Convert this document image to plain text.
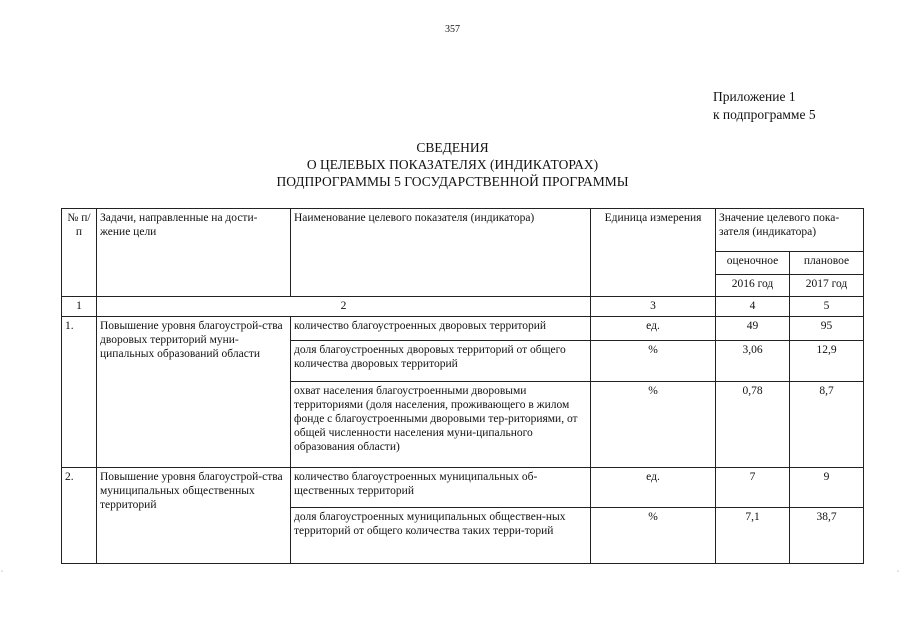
357
Приложение 1
к подпрограмме 5
СВЕДЕНИЯ
О ЦЕЛЕВЫХ ПОКАЗАТЕЛЯХ (ИНДИКАТОРАХ)
ПОДПРОГРАММЫ 5 ГОСУДАРСТВЕННОЙ ПРОГРАММЫ
№ п/п	Задачи, направленные на дости-жение цели	Наименование целевого показателя (индикатора)	Единица измерения	Значение целевого пока-зателя (индикатора)	
				оценочное	плановое
				2016 год	2017 год
1	2		3	4	5
1.	Повышение уровня благоустрой-ства дворовых территорий муни-ципальных образований области	количество благоустроенных дворовых территорий	ед.	49	95
		доля благоустроенных дворовых территорий от общего количества дворовых территорий	%	3,06	12,9
		охват населения благоустроенными дворовыми территориями (доля населения, проживающего в жилом фонде с благоустроенными дворовыми тер-риториями, от общей численности населения муни-ципального образования области)	%	0,78	8,7
2.	Повышение уровня благоустрой-ства муниципальных общественных территорий	количество благоустроенных муниципальных об-щественных территорий	ед.	7	9
		доля благоустроенных муниципальных обществен-ных территорий от общего количества таких терри-торий	%	7,1	38,7
◦	◦
